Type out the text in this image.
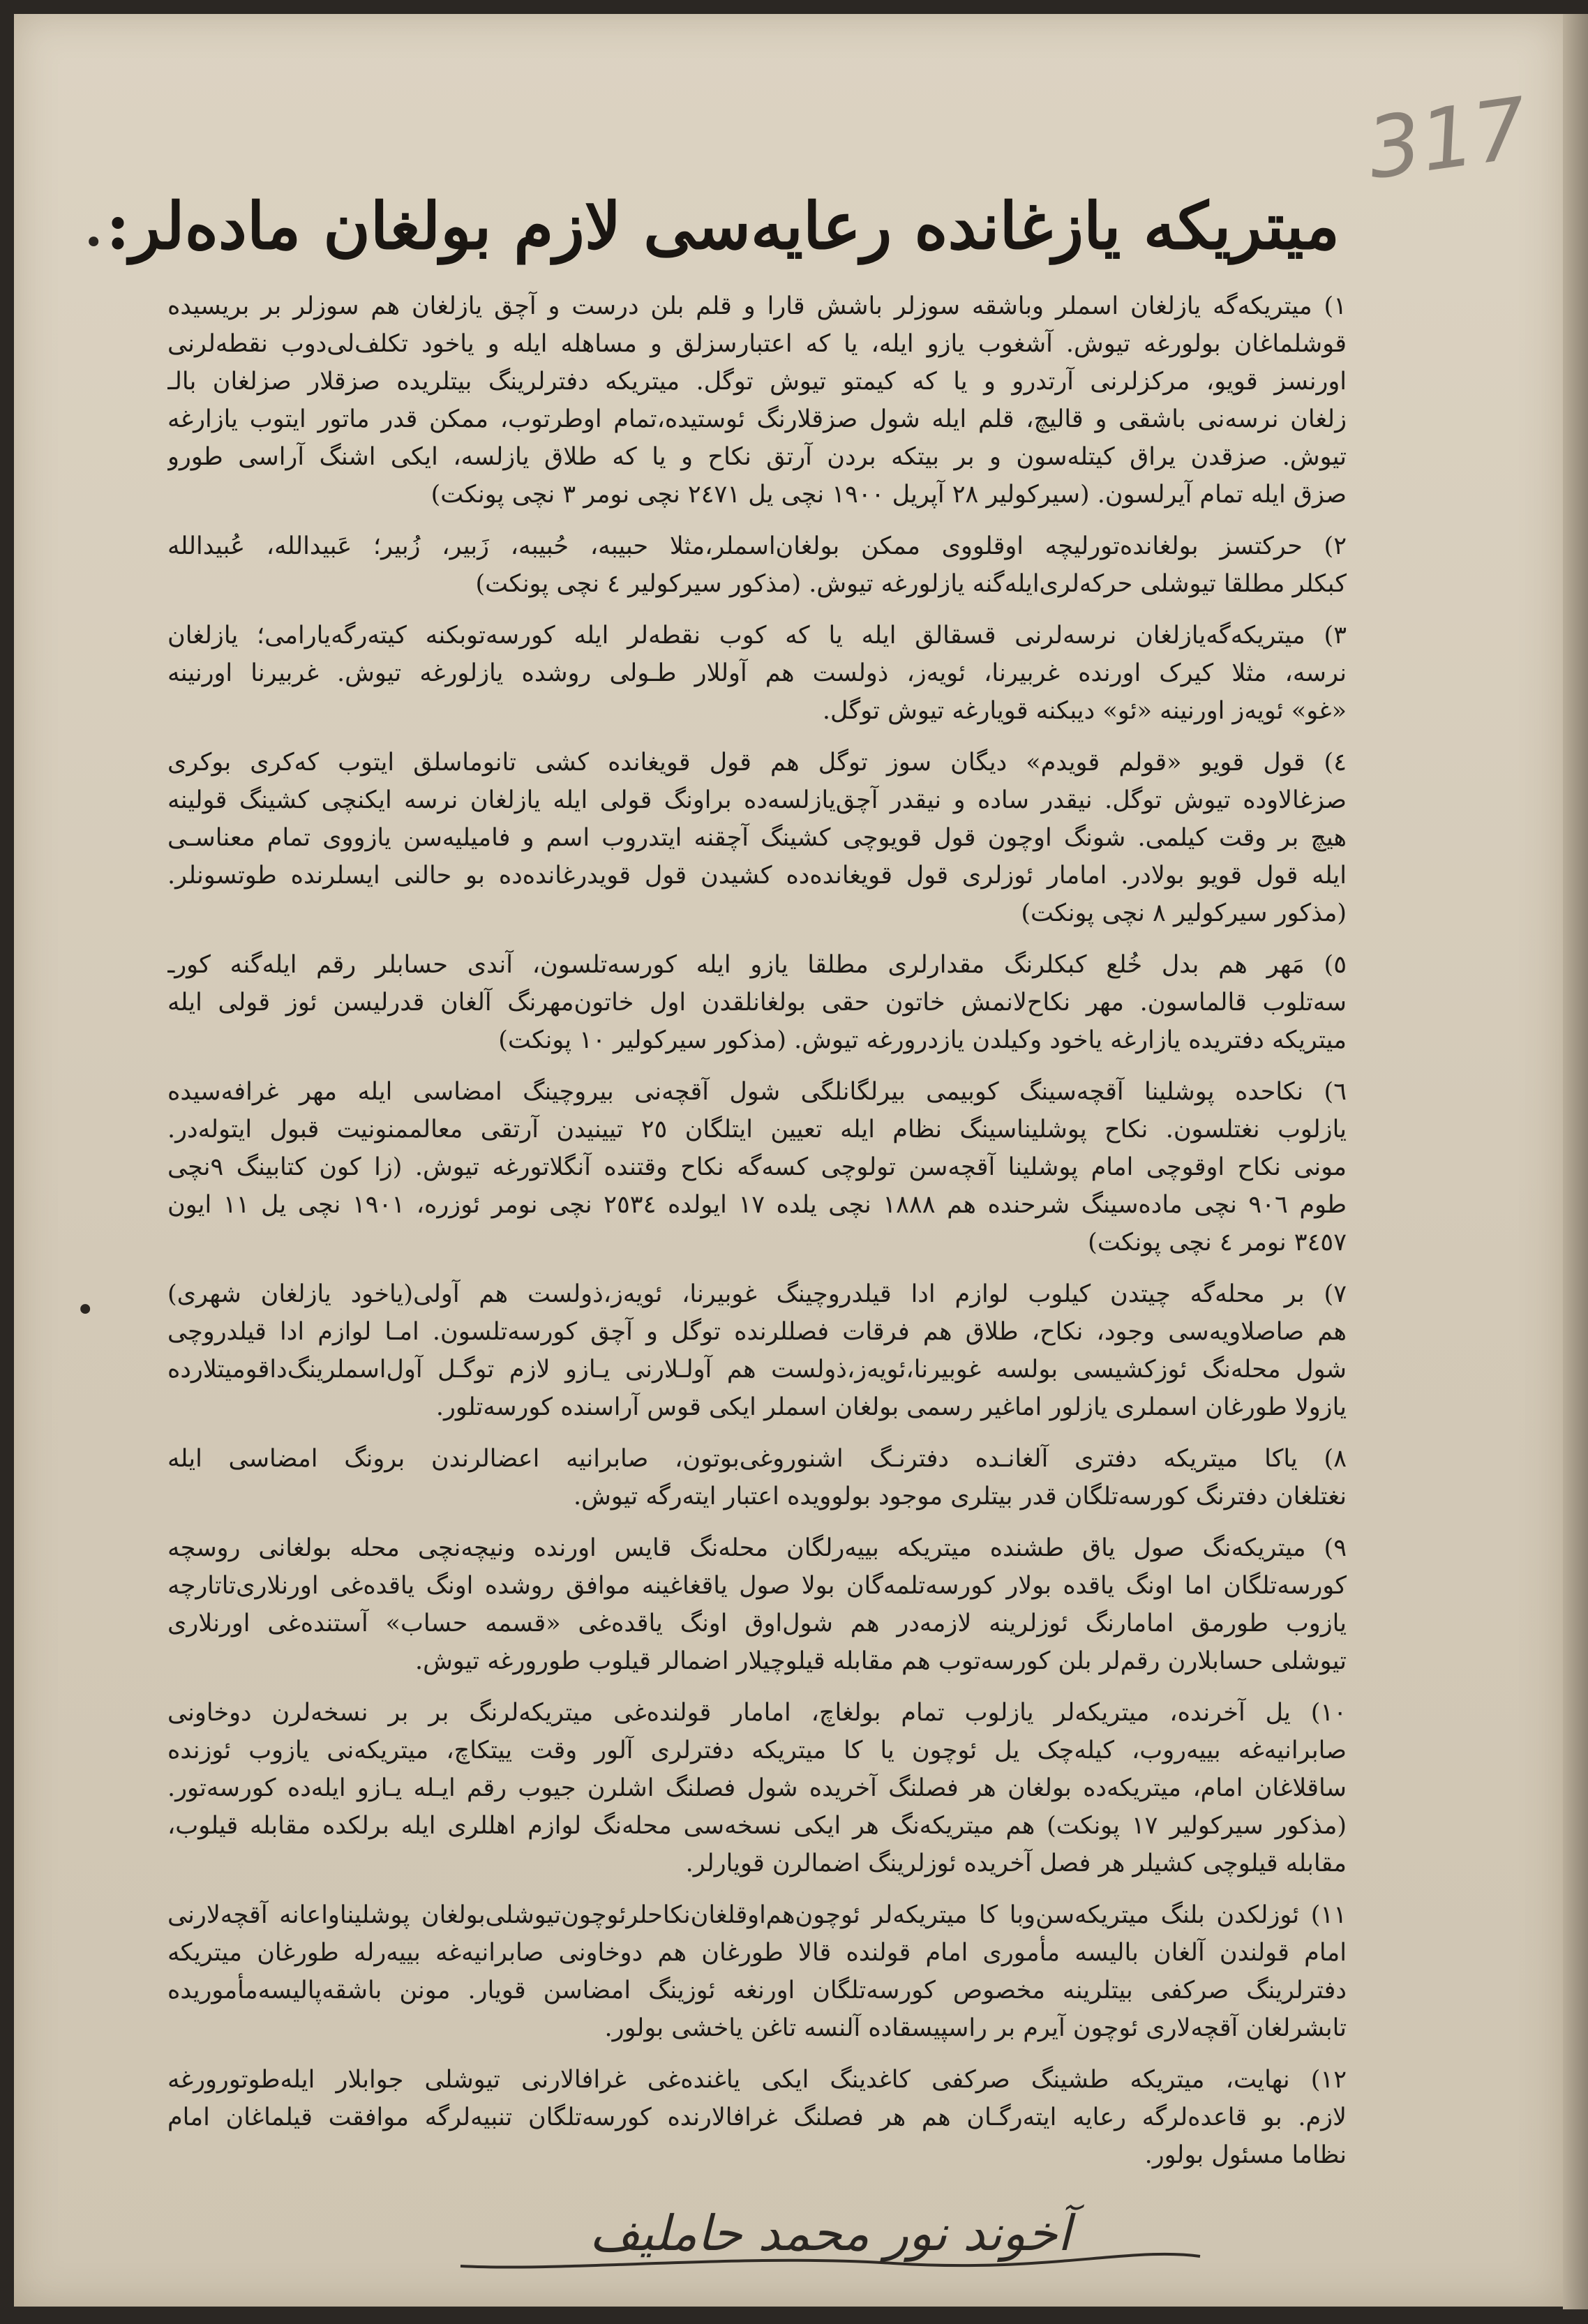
317
میتریکه یازغانده رعایه‌سی لازم بولغان ماده‌لر:
•
•
١) میتریکه‌گه یازلغان اسملر وباشقه سوزلر باشش قارا و قلم بلن درست و آچق یازلغان هم سوزلر بر بریسیده
قوشلماغان بولورغه تیوش. آشغوب یازو ایله، یا که اعتبارسزلق و مساهله ایله و یاخود تکلف‌لی‌دوب نقطه‌لرنی
اورنسز قویو، مرکزلرنی آرتدرو و یا که کیمتو تیوش توگل. میتریکه دفترلرینگ بیتلریده صزقلار صزلغان بالـ
زلغان نرسه‌نی باشقی و قالیچ، قلم ایله شول صزقلارنگ ئوستیده،تمام اوطرتوب، ممکن قدر ماتور ایتوب یازارغه
تیوش. صزقدن یراق کیتله‌سون و بر بیتکه بردن آرتق نکاح و یا که طلاق یازلسه، ایکی اشنگ آراسی طورو
صزق ایله تمام آیرلسون. (سیرکولیر ٢٨ آپریل ١٩٠٠ نچی یل ٢٤٧١ نچی نومر ٣ نچی پونکت)
٢) حرکتسز بولغانده‌تورلیچه اوقلووی ممکن بولغان‌اسملر،مثلا حبیبه، حُبیبه، زَبیر، زُبیر؛ عَبیدالله، عُبیدالله
کبکلر مطلقا تیوشلی حرکه‌لری‌ایله‌گنه یازلورغه تیوش. (مذکور سیرکولیر ٤ نچی پونکت)
٣) میتریکه‌گه‌یازلغان نرسه‌لرنی قسقالق ایله یا که کوب نقطه‌لر ایله کورسه‌توبکنه کیته‌رگه‌یارامی؛ یازلغان
نرسه، مثلا کیرک اورنده غربیرنا، ئویه‌ز، ذولست هم آوللار طـولی روشده یازلورغه تیوش. غربیرنا اورنینه
«غو» ئویه‌ز اورنینه «ئو» دیبکنه قویارغه تیوش توگل.
٤) قول قویو «قولم قویدم» دیگان سوز توگل هم قول قویغانده کشی تانوماسلق ایتوب که‌کری بوکری
صزغالاوده تیوش توگل. نیقدر ساده و نیقدر آچق‌یازلسه‌ده براونگ قولی ایله یازلغان نرسه ایکنچی کشینگ قولینه
هیچ بر وقت کیلمی. شونگ اوچون قول قویوچی کشینگ آچقنه ایتدروب اسم و فامیلیه‌سن یازووی تمام معناسـی
ایله قول قویو بولادر. امامار ئوزلری قول قویغانده‌ده کشیدن قول قویدرغانده‌ده بو حالنی ایسلرنده طوتسونلر.
(مذکور سیرکولیر ٨ نچی پونکت)
٥) مَهر هم بدل خُلع کبکلرنگ مقدارلری مطلقا یازو ایله کورسه‌تلسون، آندی حسابلر رقم ایله‌گنه کورـ
سه‌تلوب قالماسون. مهر نکاح‌لانمش خاتون حقی بولغانلقدن اول خاتون‌مهرنگ آلغان قدرلیسن ئوز قولی ایله
میتریکه دفتریده یازارغه یاخود وکیلدن یازدرورغه تیوش. (مذکور سیرکولیر ١٠ پونکت)
٦) نکاحده پوشلینا آقچه‌سینگ کوبیمی بیرلگانلگی شول آقچه‌نی بیروچینگ امضاسی ایله مهر غرافه‌سیده
یازلوب نغتلسون. نکاح پوشلیناسینگ نظام ایله تعیین ایتلگان ٢٥ تیینیدن آرتقی معالممنونیت قبول ایتوله‌در.
مونی نکاح اوقوچی امام پوشلینا آقچه‌سن تولوچی کسه‌گه نکاح وقتنده آنگلاتورغه تیوش. (زا کون کتابینگ ٩نچی
طوم ٩٠٦ نچی ماده‌سینگ شرحنده هم ١٨٨٨ نچی یلده ١٧ ایولده ٢٥٣٤ نچی نومر ئوزره، ١٩٠١ نچی یل ١١ ایون
٣٤٥٧ نومر ٤ نچی پونکت)
٧) بر محله‌گه چیتدن کیلوب لوازم ادا قیلدروچینگ غوبیرنا، ئویه‌ز،ذولست هم آولی(یاخود یازلغان شهری)
هم صاصلاویه‌سی وجود، نکاح، طلاق هم فرقات فصللرنده توگل و آچق کورسه‌تلسون. امـا لوازم ادا قیلدروچی
شول محله‌نگ ئوزکشیسی بولسه غوبیرنا،ئویه‌ز،ذولست هم آولـلارنی یـازو لازم توگـل آول‌اسملرینگ‌داقومیتلارده
یازولا طورغان اسملری یازلور اماغیر رسمی بولغان اسملر ایکی قوس آراسنده کورسه‌تلور.
٨) یاکا میتریکه دفتری آلغانـده دفترنـگ اشنوروغی‌بوتون، صابرانیه اعضالرندن برونگ امضاسی ایله
نغتلغان دفترنگ کورسه‌تلگان قدر بیتلری موجود بولوویده اعتبار ایته‌رگه تیوش.
٩) میتریکه‌نگ صول یاق طشنده میتریکه بییه‌رلگان محله‌نگ قایس اورنده ونیچه‌نچی محله بولغانی روسچه
کورسه‌تلگان اما اونگ یاقده بولار کورسه‌تلمه‌گان بولا صول یاقغاغینه موافق روشده اونگ یاقده‌غی اورنلاری‌تاتارچه
یازوب طورمق امامارنگ ئوزلرینه لازمه‌در هم شول‌اوق اونگ یاقده‌غی «قسمه حساب» آستنده‌غی اورنلاری
تیوشلی حسابلارن رقم‌لر بلن کورسه‌توب هم مقابله قیلوچیلار اضمالر قیلوب طورورغه تیوش.
١٠) یل آخرنده، میتریکه‌لر یازلوب تمام بولغاچ، امامار قولنده‌غی میتریکه‌لرنگ بر بر نسخه‌لرن دوخاونی
صابرانیه‌غه بییه‌روب، کیله‌چک یل ئوچون یا کا میتریکه دفترلری آلور وقت ییتکاچ، میتریکه‌نی یازوب ئوزنده
ساقلاغان امام، میتریکه‌ده بولغان هر فصلنگ آخریده شول فصلنگ اشلرن جیوب رقم ایـله یـازو ایله‌ده کورسه‌تور.
(مذکور سیرکولیر ١٧ پونکت) هم میتریکه‌نگ هر ایکی نسخه‌سی محله‌نگ لوازم اهللری ایله برلکده مقابله قیلوب،
مقابله قیلوچی کشیلر هر فصل آخریده ئوزلرینگ اضمالرن قویارلر.
١١) ئوزلکدن بلنگ میتریکه‌سن‌وبا کا میتریکه‌لر ئوچون‌هم‌اوقلغان‌نکاحلر‌ئوچون‌تیوشلی‌بولغان پوشلیناو‌اعانه آقچه‌لارنی
امام قولندن آلغان بالیسه مأموری امام قولنده قالا طورغان هم دوخاونی صابرانیه‌غه بییه‌رله طورغان میتریکه
دفترلرینگ صرکفی بیتلرینه مخصوص کورسه‌تلگان اورنغه ئوزینگ امضاسن قویار. مونن باشقه‌پالیسه‌مأموریده
تابشرلغان آقچه‌لاری ئوچون آیرم بر راسپیسقاده آلنسه تاغن یاخشی بولور.
١٢) نهایت، میتریکه طشینگ صرکفی کاغدینگ ایکی یاغنده‌غی غرافالارنی تیوشلی جوابلار ایله‌طوتورورغه
لازم. بو قاعده‌لرگه رعایه ایته‌رگـان هم هر فصلنگ غرافالارنده کورسه‌تلگان تنبیه‌لرگه موافقت قیلماغان امام
نظاما مسئول بولور.
آخوند نور محمد حامليف
